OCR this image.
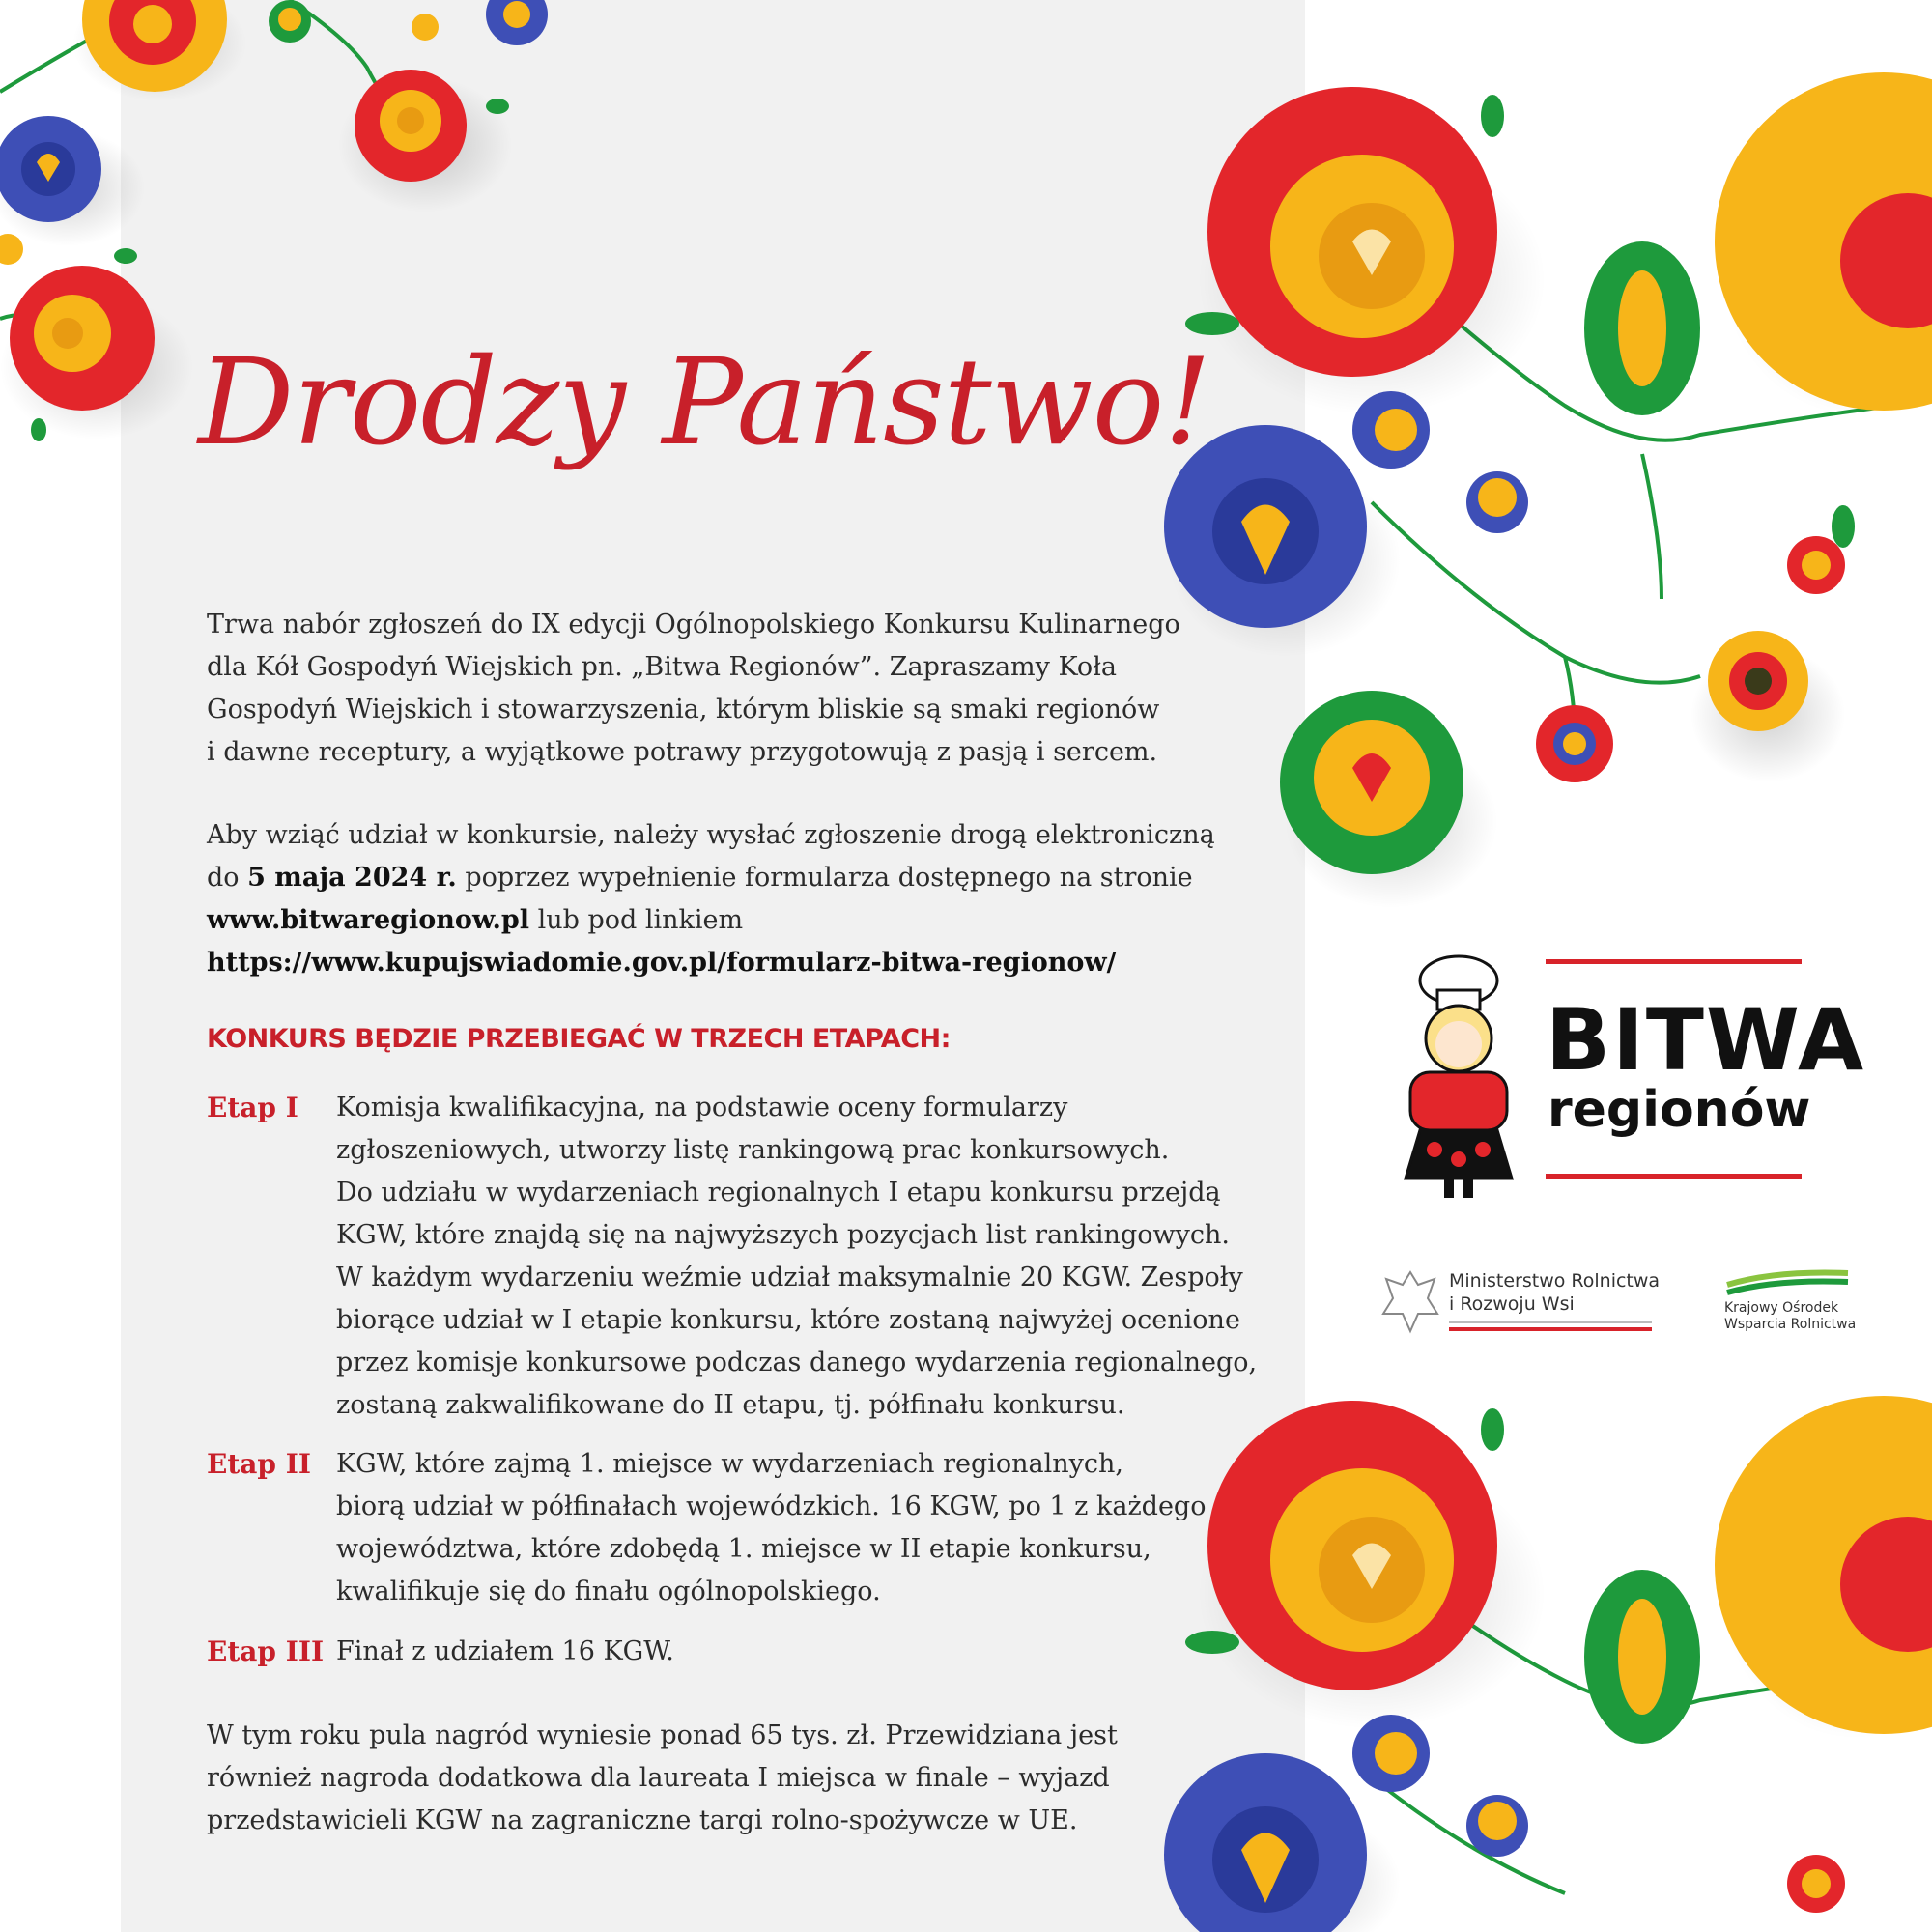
Drodzy Państwo!

Trwa nabór zgłoszeń do IX edycji Ogólnopolskiego Konkursu Kulinarnego
dla Kół Gospodyń Wiejskich pn. „Bitwa Regionów”. Zapraszamy Koła
Gospodyń Wiejskich i stowarzyszenia, którym bliskie są smaki regionów
i dawne receptury, a wyjątkowe potrawy przygotowują z pasją i sercem.

Aby wziąć udział w konkursie, należy wysłać zgłoszenie drogą elektroniczną
do 5 maja 2024 r. poprzez wypełnienie formularza dostępnego na stronie
www.bitwaregionow.pl lub pod linkiem
https://www.kupujswiadomie.gov.pl/formularz-bitwa-regionow/

KONKURS BĘDZIE PRZEBIEGAĆ W TRZECH ETAPACH:
Etap I Komisja kwalifikacyjna, na podstawie oceny formularzy
zgłoszeniowych, utworzy listę rankingową prac konkursowych.
Do udziału w wydarzeniach regionalnych I etapu konkursu przejdą
KGW, które znajdą się na najwyższych pozycjach list rankingowych.
W każdym wydarzeniu weźmie udział maksymalnie 20 KGW. Zespoły
biorące udział w I etapie konkursu, które zostaną najwyżej ocenione
przez komisje konkursowe podczas danego wydarzenia regionalnego,
zostaną zakwalifikowane do II etapu, tj. półfinału konkursu.

Etap II KGW, które zajmą 1. miejsce w wydarzeniach regionalnych,
biorą udział w półfinałach wojewódzkich. 16 KGW, po 1 z każdego
województwa, które zdobędą 1. miejsce w II etapie konkursu,
kwalifikuje się do finału ogólnopolskiego.

Etap III Finał z udziałem 16 KGW.

W tym roku pula nagród wyniesie ponad 65 tys. zł. Przewidziana jest
również nagroda dodatkowa dla laureata I miejsca w finale – wyjazd
przedstawicieli KGW na zagraniczne targi rolno-spożywcze w UE.

BITWA
regionów
Ministerstwo Rolnictwa
i Rozwoju Wsi	Krajowy Ośrodek
Wsparcia Rolnictwa
